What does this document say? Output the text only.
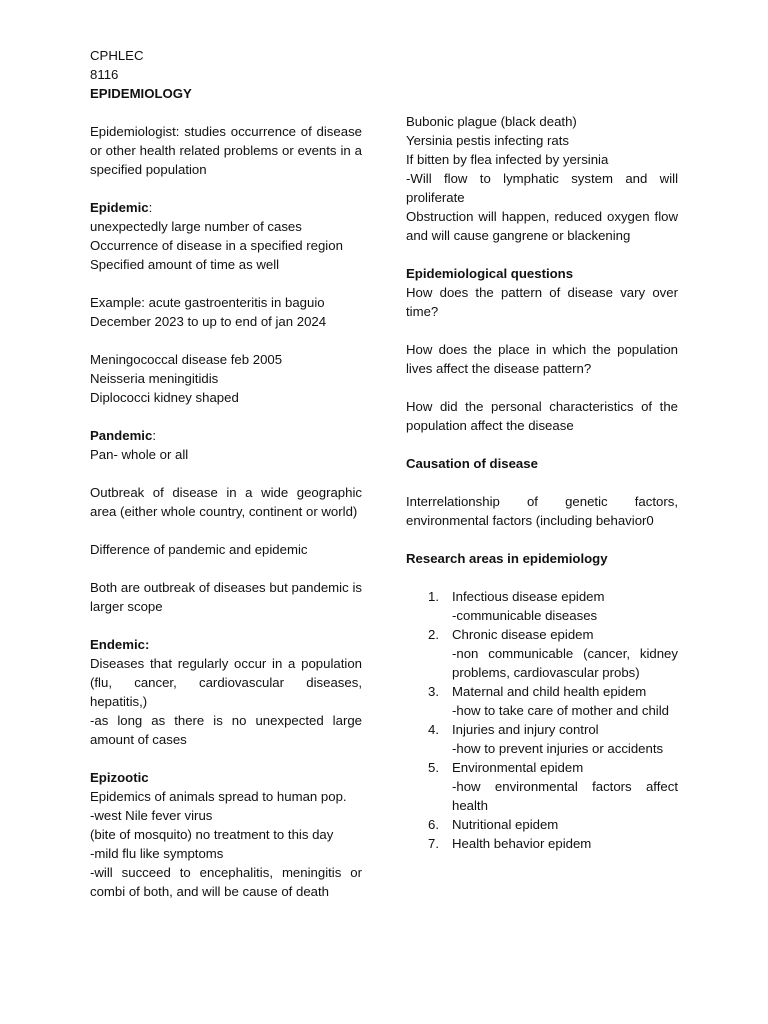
CPHLEC

8116

EPIDEMIOLOGY

Epidemiologist: studies occurrence of disease or other health related problems or events in a specified population

Epidemic:

unexpectedly large number of cases

Occurrence of disease in a specified region

Specified amount of time as well

Example: acute gastroenteritis in baguio

December 2023 to up to end of jan 2024

Meningococcal disease feb 2005

Neisseria meningitidis

Diplococci kidney shaped

Pandemic:

Pan- whole or all

Outbreak of disease in a wide geographic area (either whole country, continent or world)

Difference of pandemic and epidemic

Both are outbreak of diseases but pandemic is larger scope

Endemic:

Diseases that regularly occur in a population (flu, cancer, cardiovascular diseases, hepatitis,)

-as long as there is no unexpected large amount of cases

Epizootic

Epidemics of animals spread to human pop.

-west Nile fever virus

(bite of mosquito) no treatment to this day

-mild flu like symptoms

-will succeed to encephalitis, meningitis or combi of both, and will be cause of death

Bubonic plague (black death)

Yersinia pestis infecting rats

If bitten by flea infected by yersinia

-Will flow to lymphatic system and will proliferate

Obstruction will happen, reduced oxygen flow and will cause gangrene or blackening

Epidemiological questions

How does the pattern of disease vary over time?

How does the place in which the population lives affect the disease pattern?

How did the personal characteristics of the population affect the disease

Causation of disease

Interrelationship of genetic factors, environmental factors (including behavior0

Research areas in epidemiology

1. Infectious disease epidem
-communicable diseases
2. Chronic disease epidem
-non communicable (cancer, kidney problems, cardiovascular probs)
3. Maternal and child health epidem
-how to take care of mother and child
4. Injuries and injury control
-how to prevent injuries or accidents
5. Environmental epidem
-how environmental factors affect health
6. Nutritional epidem
7. Health behavior epidem
